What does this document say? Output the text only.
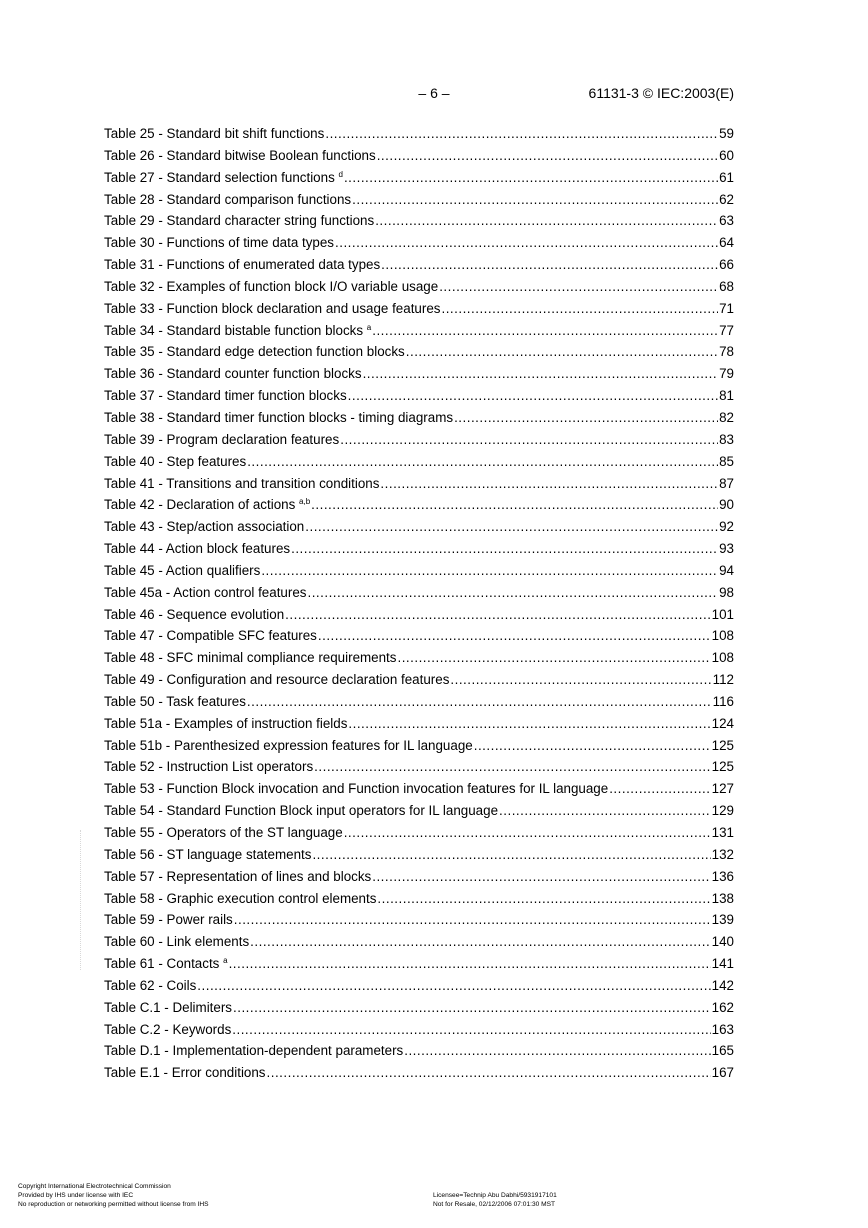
– 6 –	61131-3 © IEC:2003(E)
Table 25 - Standard bit shift functions .....	59
Table 26 - Standard bitwise Boolean functions .....	60
Table 27 - Standard selection functions $^d$ .....	61
Table 28 - Standard comparison functions .....	62
Table 29 - Standard character string functions .....	63
Table 30 - Functions of time data types .....	64
Table 31 - Functions of enumerated data types .....	66
Table 32 - Examples of function block I/O variable usage .....	68
Table 33 - Function block declaration and usage features .....	71
Table 34 - Standard bistable function blocks $^a$ .....	77
Table 35 - Standard edge detection function blocks .....	78
Table 36 - Standard counter function blocks .....	79
Table 37 - Standard timer function blocks .....	81
Table 38 - Standard timer function blocks - timing diagrams .....	82
Table 39 - Program declaration features .....	83
Table 40 - Step features .....	85
Table 41 - Transitions and transition conditions .....	87
Table 42 - Declaration of actions $^{a,b}$ .....	90
Table 43 - Step/action association .....	92
Table 44 - Action block features .....	93
Table 45 - Action qualifiers .....	94
Table 45a - Action control features .....	98
Table 46 - Sequence evolution .....	101
Table 47 - Compatible SFC features .....	108
Table 48 - SFC minimal compliance requirements .....	108
Table 49 - Configuration and resource declaration features .....	112
Table 50 - Task features .....	116
Table 51a - Examples of instruction fields .....	124
Table 51b - Parenthesized expression features for IL language .....	125
Table 52 - Instruction List operators .....	125
Table 53 - Function Block invocation and Function invocation features for IL language .....	127
Table 54 - Standard Function Block input operators for IL language .....	129
Table 55 - Operators of the ST language .....	131
Table 56 - ST language statements .....	132
Table 57 - Representation of lines and blocks .....	136
Table 58 - Graphic execution control elements .....	138
Table 59 - Power rails .....	139
Table 60 - Link elements .....	140
Table 61 - Contacts $^a$ .....	141
Table 62 - Coils .....	142
Table C.1 - Delimiters .....	162
Table C.2 - Keywords .....	163
Table D.1 - Implementation-dependent parameters .....	165
Table E.1 - Error conditions .....	167
Copyright International Electrotechnical Commission
Provided by IHS under license with IEC
No reproduction or networking permitted without license from IHS
Licensee=Technip Abu Dabhi/5931917101
Not for Resale, 02/12/2006 07:01:30 MST
